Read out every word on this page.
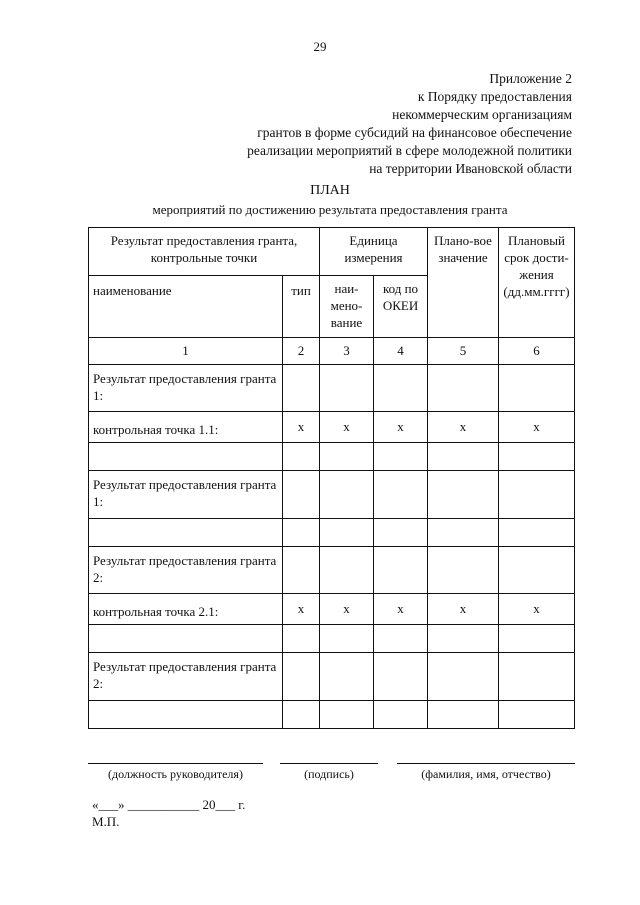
29
Приложение 2
к Порядку предоставления
некоммерческим организациям
грантов в форме субсидий на финансовое обеспечение
реализации мероприятий в сфере молодежной политики
на территории Ивановской области
ПЛАН
мероприятий по достижению результата предоставления гранта
Результат предоставления гранта, контрольные точки		Единица измерения		Плано-вое значение	Плановый срок дости-жения (дд.мм.гггг)
наименование	тип	наи-мено-вание	код по ОКЕИ		
1	2	3	4	5	6
Результат предоставления гранта 1:					
контрольная точка 1.1:	x	x	x	x	x

Результат предоставления гранта 1:					

Результат предоставления гранта 2:					
контрольная точка 2.1:	x	x	x	x	x

Результат предоставления гранта 2:					

(должность руководителя)	(подпись)	(фамилия, имя, отчество)
«___» ___________ 20___ г.
М.П.
